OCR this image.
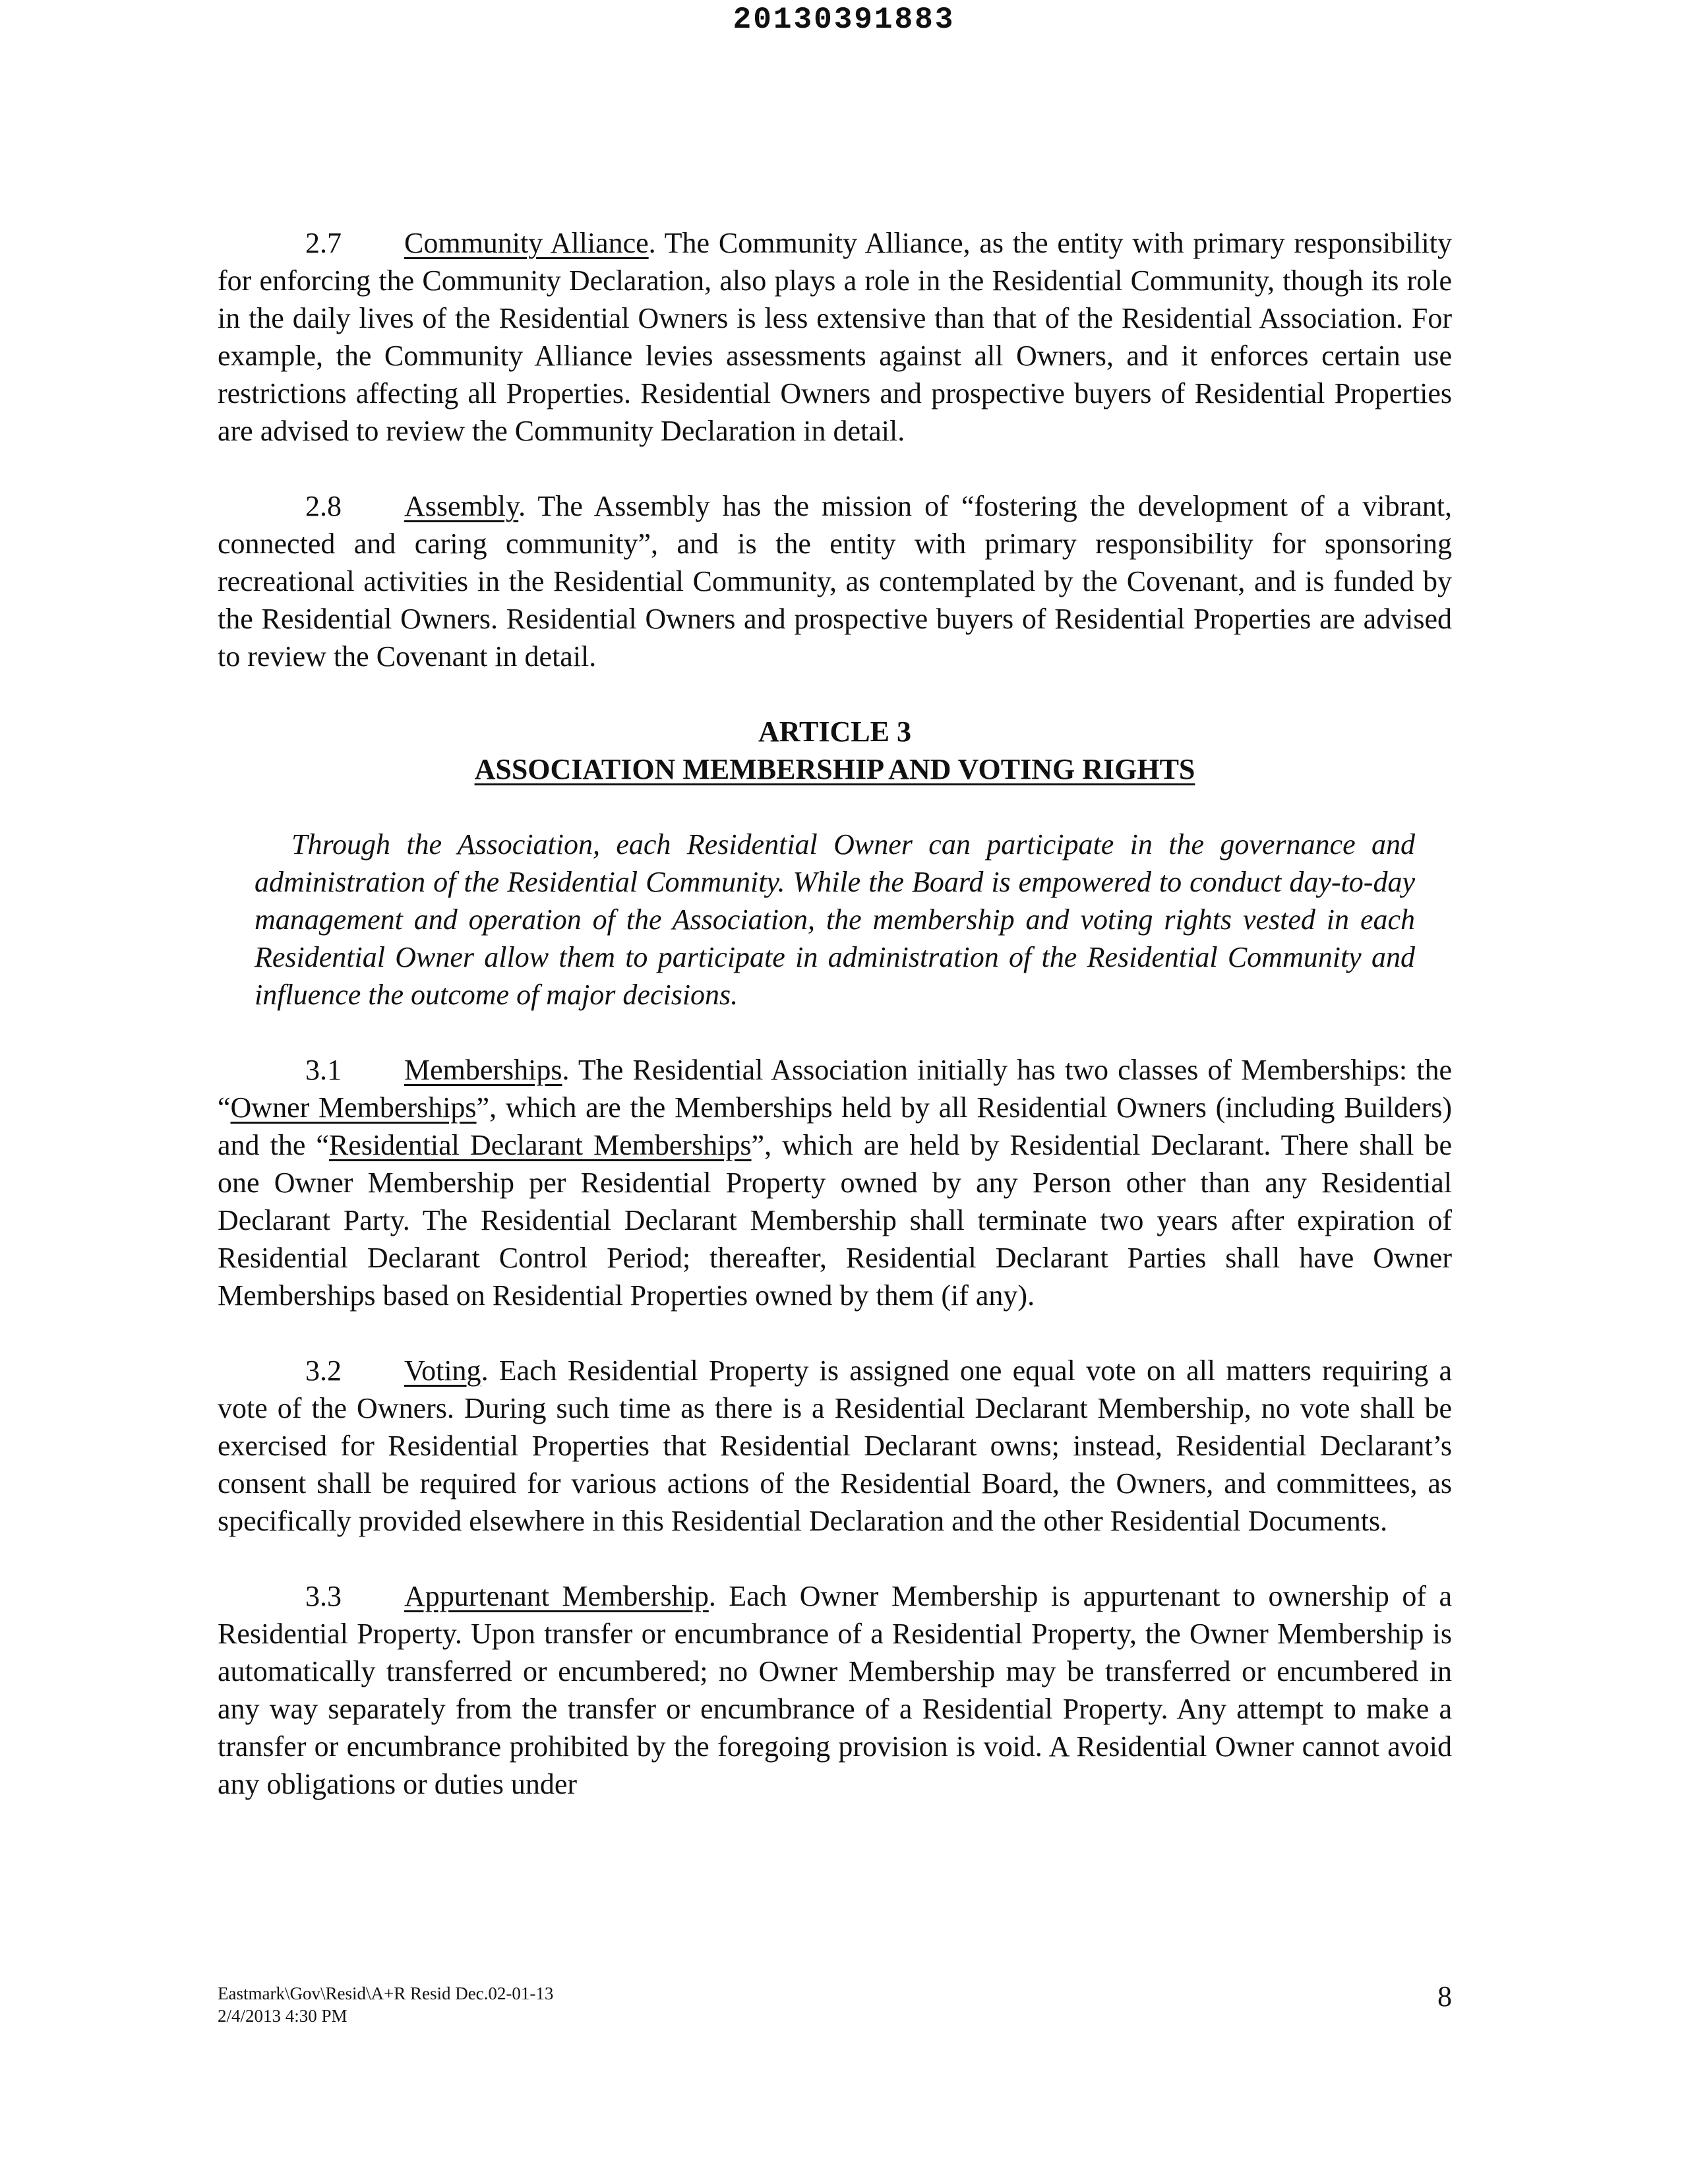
20130391883

2.7 Community Alliance. The Community Alliance, as the entity with primary responsibility for enforcing the Community Declaration, also plays a role in the Residential Community, though its role in the daily lives of the Residential Owners is less extensive than that of the Residential Association. For example, the Community Alliance levies assessments against all Owners, and it enforces certain use restrictions affecting all Properties. Residential Owners and prospective buyers of Residential Properties are advised to review the Community Declaration in detail.

2.8 Assembly. The Assembly has the mission of “fostering the development of a vibrant, connected and caring community”, and is the entity with primary responsibility for sponsoring recreational activities in the Residential Community, as contemplated by the Covenant, and is funded by the Residential Owners. Residential Owners and prospective buyers of Residential Properties are advised to review the Covenant in detail.

ARTICLE 3
ASSOCIATION MEMBERSHIP AND VOTING RIGHTS

Through the Association, each Residential Owner can participate in the governance and administration of the Residential Community. While the Board is empowered to conduct day-to-day management and operation of the Association, the membership and voting rights vested in each Residential Owner allow them to participate in administration of the Residential Community and influence the outcome of major decisions.

3.1 Memberships. The Residential Association initially has two classes of Memberships: the “Owner Memberships”, which are the Memberships held by all Residential Owners (including Builders) and the “Residential Declarant Memberships”, which are held by Residential Declarant. There shall be one Owner Membership per Residential Property owned by any Person other than any Residential Declarant Party. The Residential Declarant Membership shall terminate two years after expiration of Residential Declarant Control Period; thereafter, Residential Declarant Parties shall have Owner Memberships based on Residential Properties owned by them (if any).

3.2 Voting. Each Residential Property is assigned one equal vote on all matters requiring a vote of the Owners. During such time as there is a Residential Declarant Membership, no vote shall be exercised for Residential Properties that Residential Declarant owns; instead, Residential Declarant’s consent shall be required for various actions of the Residential Board, the Owners, and committees, as specifically provided elsewhere in this Residential Declaration and the other Residential Documents.

3.3 Appurtenant Membership. Each Owner Membership is appurtenant to ownership of a Residential Property. Upon transfer or encumbrance of a Residential Property, the Owner Membership is automatically transferred or encumbered; no Owner Membership may be transferred or encumbered in any way separately from the transfer or encumbrance of a Residential Property. Any attempt to make a transfer or encumbrance prohibited by the foregoing provision is void. A Residential Owner cannot avoid any obligations or duties under

Eastmark\Gov\Resid\A+R Resid Dec.02-01-13
2/4/2013 4:30 PM
8
